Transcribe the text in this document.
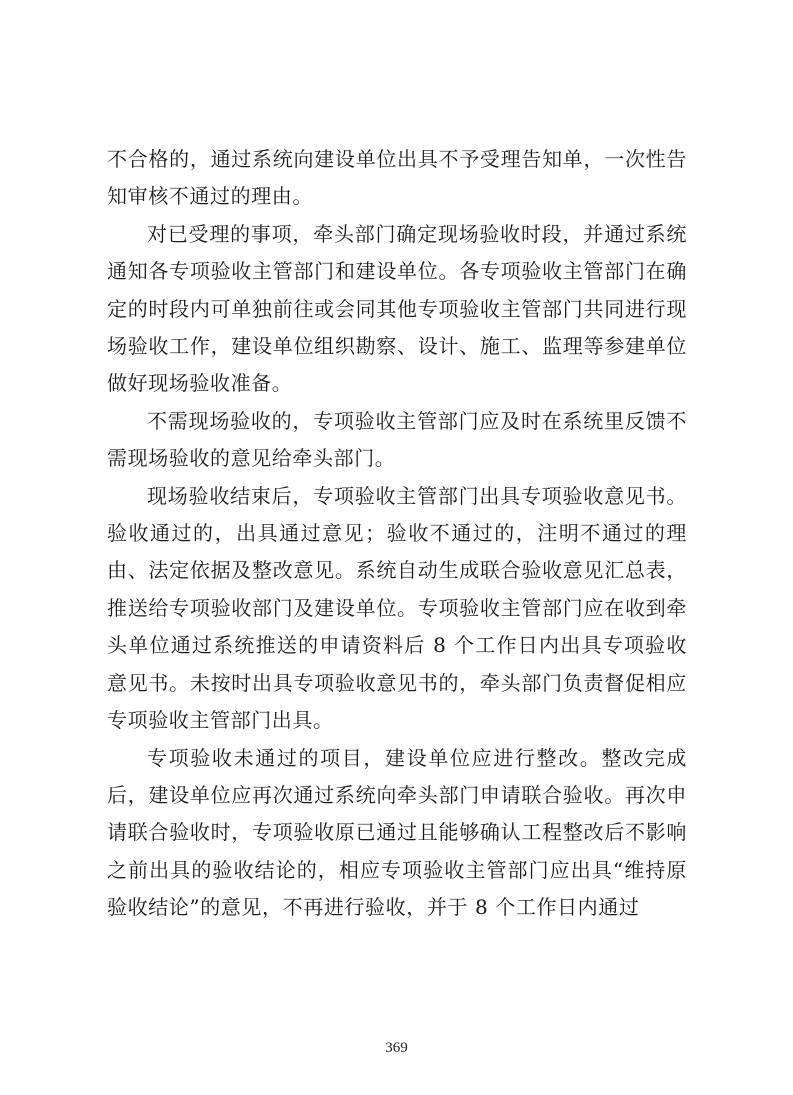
不合格的，通过系统向建设单位出具不予受理告知单，一次性告知审核不通过的理由。

对已受理的事项，牵头部门确定现场验收时段，并通过系统通知各专项验收主管部门和建设单位。各专项验收主管部门在确定的时段内可单独前往或会同其他专项验收主管部门共同进行现场验收工作，建设单位组织勘察、设计、施工、监理等参建单位做好现场验收准备。

不需现场验收的，专项验收主管部门应及时在系统里反馈不需现场验收的意见给牵头部门。

现场验收结束后，专项验收主管部门出具专项验收意见书。验收通过的，出具通过意见；验收不通过的，注明不通过的理由、法定依据及整改意见。系统自动生成联合验收意见汇总表，推送给专项验收部门及建设单位。专项验收主管部门应在收到牵头单位通过系统推送的申请资料后 8 个工作日内出具专项验收意见书。未按时出具专项验收意见书的，牵头部门负责督促相应专项验收主管部门出具。

专项验收未通过的项目，建设单位应进行整改。整改完成后，建设单位应再次通过系统向牵头部门申请联合验收。再次申请联合验收时，专项验收原已通过且能够确认工程整改后不影响之前出具的验收结论的，相应专项验收主管部门应出具“维持原验收结论”的意见，不再进行验收，并于 8 个工作日内通过

369
